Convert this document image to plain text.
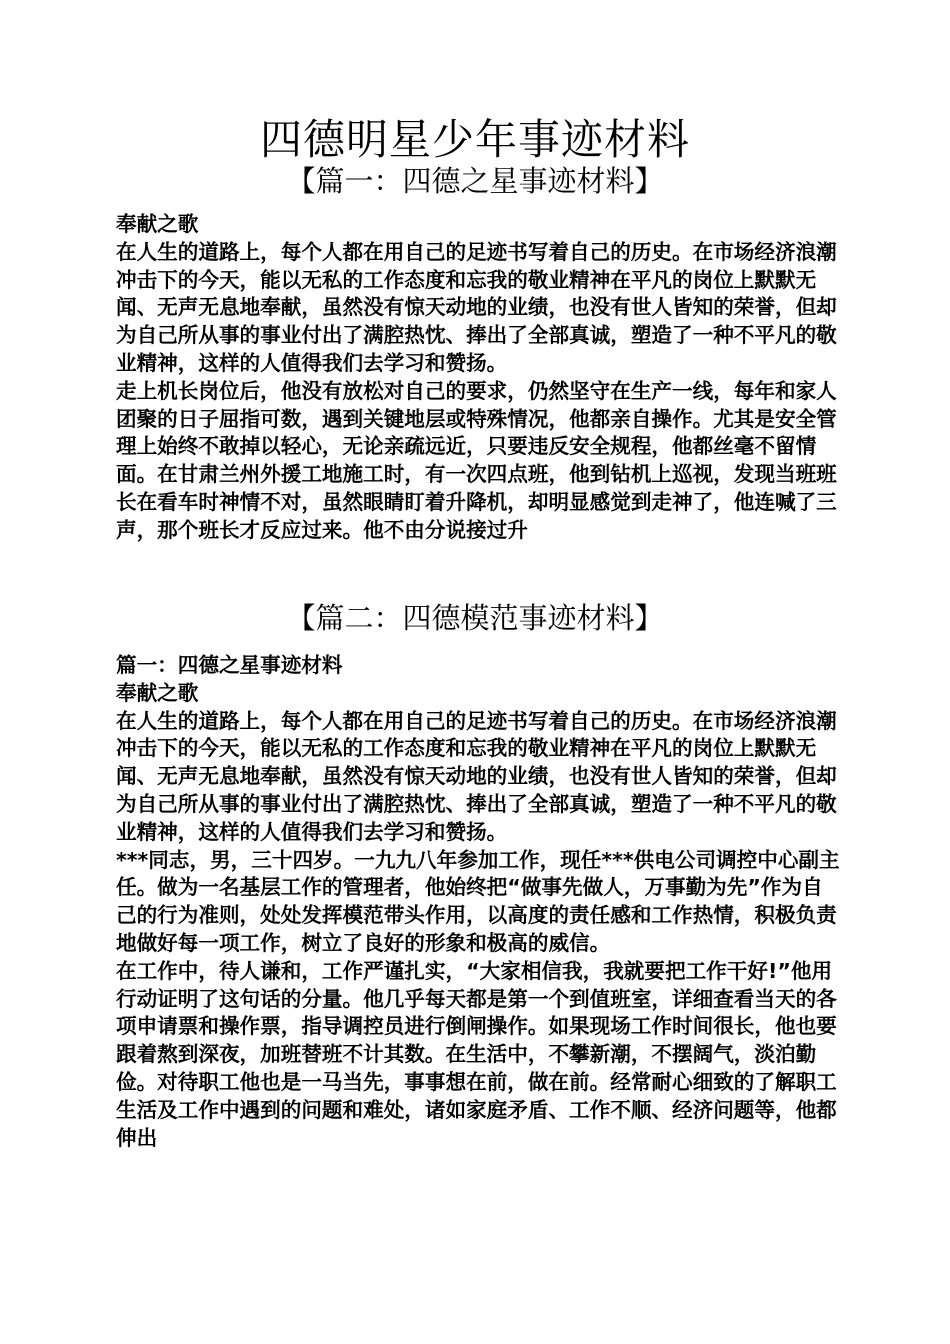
四德明星少年事迹材料
【篇一：四德之星事迹材料】

奉献之歌

在人生的道路上，每个人都在用自己的足迹书写着自己的历史。在市场经济浪潮冲击下的今天，能以无私的工作态度和忘我的敬业精神在平凡的岗位上默默无闻、无声无息地奉献，虽然没有惊天动地的业绩，也没有世人皆知的荣誉，但却为自己所从事的事业付出了满腔热忱、捧出了全部真诚，塑造了一种不平凡的敬业精神，这样的人值得我们去学习和赞扬。

走上机长岗位后，他没有放松对自己的要求，仍然坚守在生产一线，每年和家人团聚的日子屈指可数，遇到关键地层或特殊情况，他都亲自操作。尤其是安全管理上始终不敢掉以轻心，无论亲疏远近，只要违反安全规程，他都丝毫不留情面。在甘肃兰州外援工地施工时，有一次四点班，他到钻机上巡视，发现当班班长在看车时神情不对，虽然眼睛盯着升降机，却明显感觉到走神了，他连喊了三声，那个班长才反应过来。他不由分说接过升

【篇二：四德模范事迹材料】

篇一：四德之星事迹材料

奉献之歌

在人生的道路上，每个人都在用自己的足迹书写着自己的历史。在市场经济浪潮冲击下的今天，能以无私的工作态度和忘我的敬业精神在平凡的岗位上默默无闻、无声无息地奉献，虽然没有惊天动地的业绩，也没有世人皆知的荣誉，但却为自己所从事的事业付出了满腔热忱、捧出了全部真诚，塑造了一种不平凡的敬业精神，这样的人值得我们去学习和赞扬。

***同志，男，三十四岁。一九九八年参加工作，现任***供电公司调控中心副主任。做为一名基层工作的管理者，他始终把“做事先做人，万事勤为先”作为自己的行为准则，处处发挥模范带头作用，以高度的责任感和工作热情，积极负责地做好每一项工作，树立了良好的形象和极高的威信。

在工作中，待人谦和，工作严谨扎实，“大家相信我，我就要把工作干好!”他用行动证明了这句话的分量。他几乎每天都是第一个到值班室，详细查看当天的各项申请票和操作票，指导调控员进行倒闸操作。如果现场工作时间很长，他也要跟着熬到深夜，加班替班不计其数。在生活中，不攀新潮，不摆阔气，淡泊勤俭。对待职工他也是一马当先，事事想在前，做在前。经常耐心细致的了解职工生活及工作中遇到的问题和难处，诸如家庭矛盾、工作不顺、经济问题等，他都伸出
